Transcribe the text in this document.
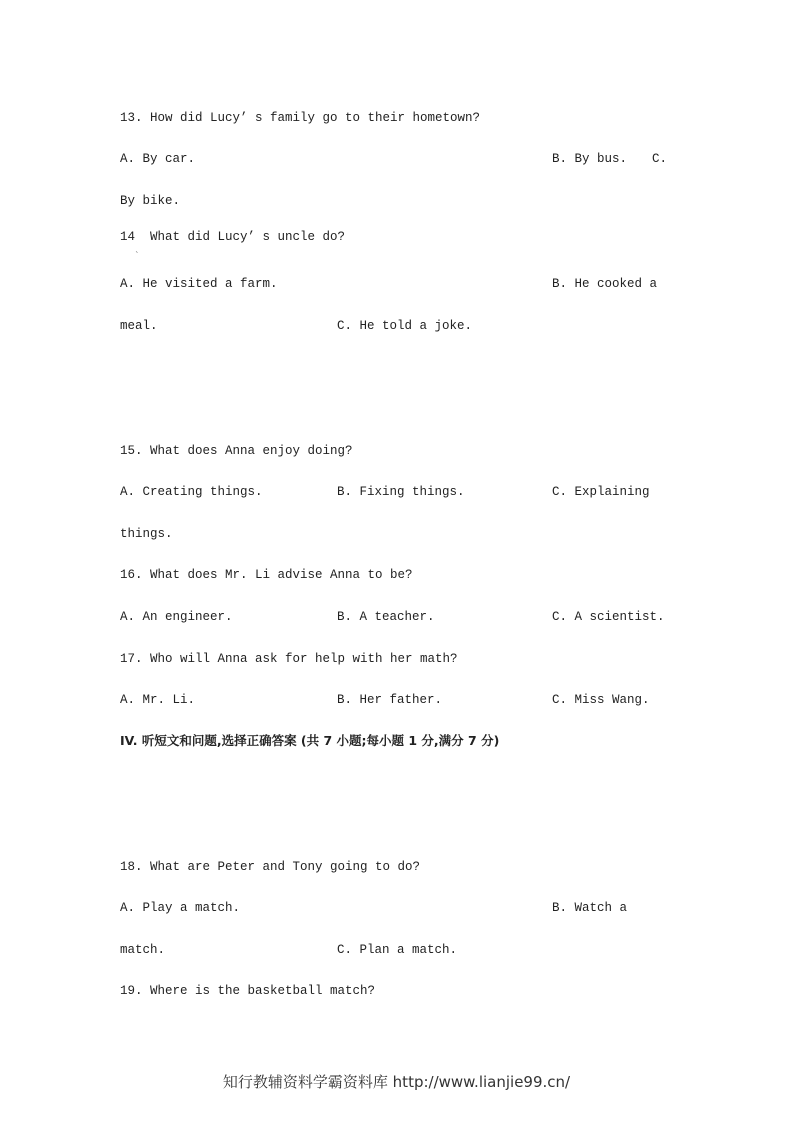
13. How did Lucy’ s family go to their hometown?
A. By car.	B. By bus. C.
By bike.
14  What did Lucy’ s uncle do?
`
A. He visited a farm.	B. He cooked a
meal.	C. He told a joke.
15. What does Anna enjoy doing?
A. Creating things.	B. Fixing things.	C. Explaining
things.
16. What does Mr. Li advise Anna to be?
A. An engineer.	B. A teacher.	C. A scientist.
17. Who will Anna ask for help with her math?
A. Mr. Li.	B. Her father.	C. Miss Wang.
IV. 听短文和问题,选择正确答案 (共 7 小题;每小题 1 分,满分 7 分)
18. What are Peter and Tony going to do?
A. Play a match.	B. Watch a
match.	C. Plan a match.
19. Where is the basketball match?
知行教辅资料学霸资料库 http://www.lianjie99.cn/
